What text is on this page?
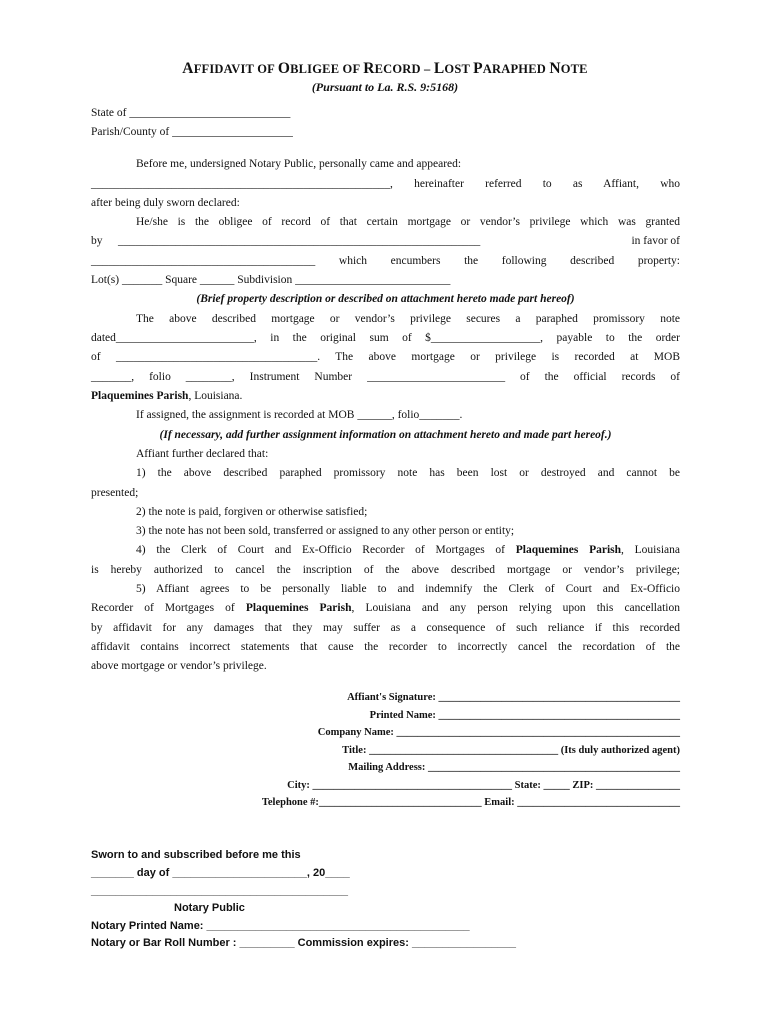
AFFIDAVIT OF OBLIGEE OF RECORD – LOST PARAPHED NOTE
(Pursuant to La. R.S. 9:5168)
State of ____________________________
Parish/County of _____________________
Before me, undersigned Notary Public, personally came and appeared:
____________________________________________________, hereinafter referred to as Affiant, who
after being duly sworn declared:
He/she is the obligee of record of that certain mortgage or vendor’s privilege which was granted
by _______________________________________________________________	in favor of
_______________________________________ which encumbers the following described property:
Lot(s) _______ Square ______ Subdivision ___________________________
(Brief property description or described on attachment hereto made part hereof)
The above described mortgage or vendor’s privilege secures a paraphed promissory note
dated________________________, in the original sum of $___________________, payable to the order
of ___________________________________. The above mortgage or privilege is recorded at MOB
_______, folio ________, Instrument Number ________________________ of the official records of
Plaquemines Parish, Louisiana.
If assigned, the assignment is recorded at MOB ______, folio_______.
(If necessary, add further assignment information on attachment hereto and made part hereof.)
Affiant further declared that:
1) the above described paraphed promissory note has been lost or destroyed and cannot be
presented;
2) the note is paid, forgiven or otherwise satisfied;
3) the note has not been sold, transferred or assigned to any other person or entity;
4) the Clerk of Court and Ex-Officio Recorder of Mortgages of Plaquemines Parish, Louisiana
is hereby authorized to cancel the inscription of the above described mortgage or vendor’s privilege;
5) Affiant agrees to be personally liable to and indemnify the Clerk of Court and Ex-Officio
Recorder of Mortgages of Plaquemines Parish, Louisiana and any person relying upon this cancellation
by affidavit for any damages that they may suffer as a consequence of such reliance if this recorded
affidavit contains incorrect statements that cause the recorder to incorrectly cancel the recordation of the
above mortgage or vendor’s privilege.
Affiant's Signature: ______________________________________________
Printed Name: ______________________________________________
Company Name: ______________________________________________________
Title: ____________________________________ (Its duly authorized agent)
Mailing Address: ________________________________________________
City: ______________________________________ State: _____ ZIP: ________________
Telephone #:_______________________________ Email: _______________________________
Sworn to and subscribed before me this
_______ day of ______________________, 20____
__________________________________________
Notary Public
Notary Printed Name: ___________________________________________
Notary or Bar Roll Number : _________ Commission expires: _________________
